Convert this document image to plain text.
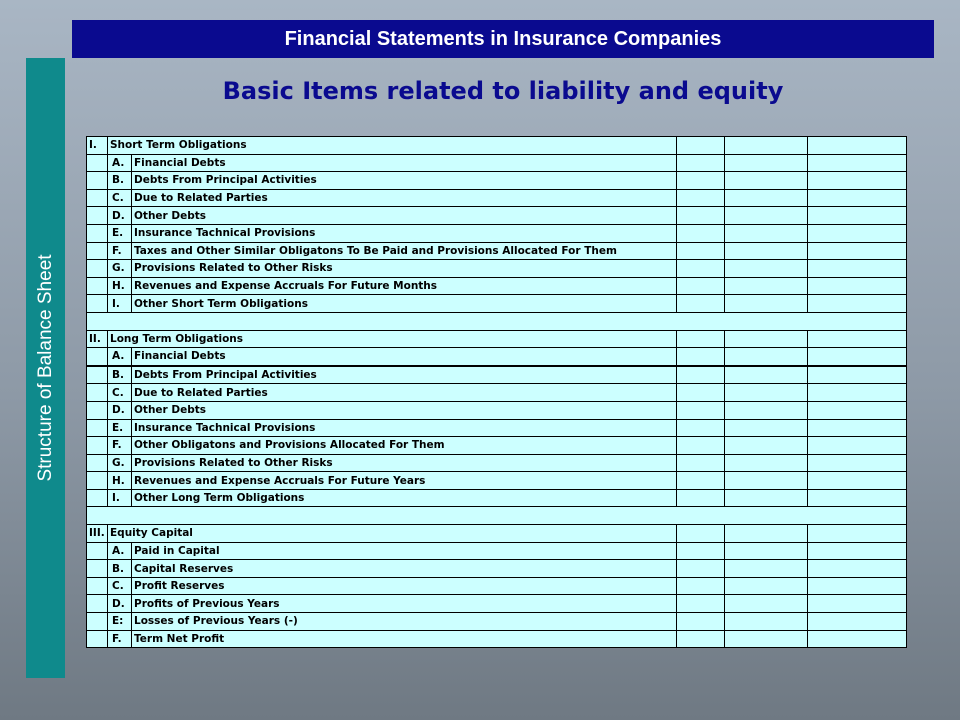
Financial Statements in Insurance Companies
Structure of Balance Sheet
Basic Items related to liability and equity
I.	Short Term Obligations				
	A.	Financial Debts			
	B.	Debts From Principal Activities			
	C.	Due to Related Parties			
	D.	Other Debts			
	E.	Insurance Tachnical Provisions			
	F.	Taxes and Other Similar Obligatons To Be Paid and Provisions Allocated For Them			
	G.	Provisions Related to Other Risks			
	H.	Revenues and Expense Accruals For Future Months			
	I.	Other Short Term Obligations			

II.	Long Term Obligations				
	A.	Financial Debts			
	B.	Debts From Principal Activities			
	C.	Due to Related Parties			
	D.	Other Debts			
	E.	Insurance Tachnical Provisions			
	F.	Other Obligatons and Provisions Allocated For Them			
	G.	Provisions Related to Other Risks			
	H.	Revenues and Expense Accruals For Future Years			
	I.	Other Long Term Obligations			

III.	Equity Capital				
	A.	Paid in Capital			
	B.	Capital Reserves			
	C.	Profit Reserves			
	D.	Profits of Previous Years			
	E:	Losses of Previous Years (-)			
	F.	Term Net Profit			
